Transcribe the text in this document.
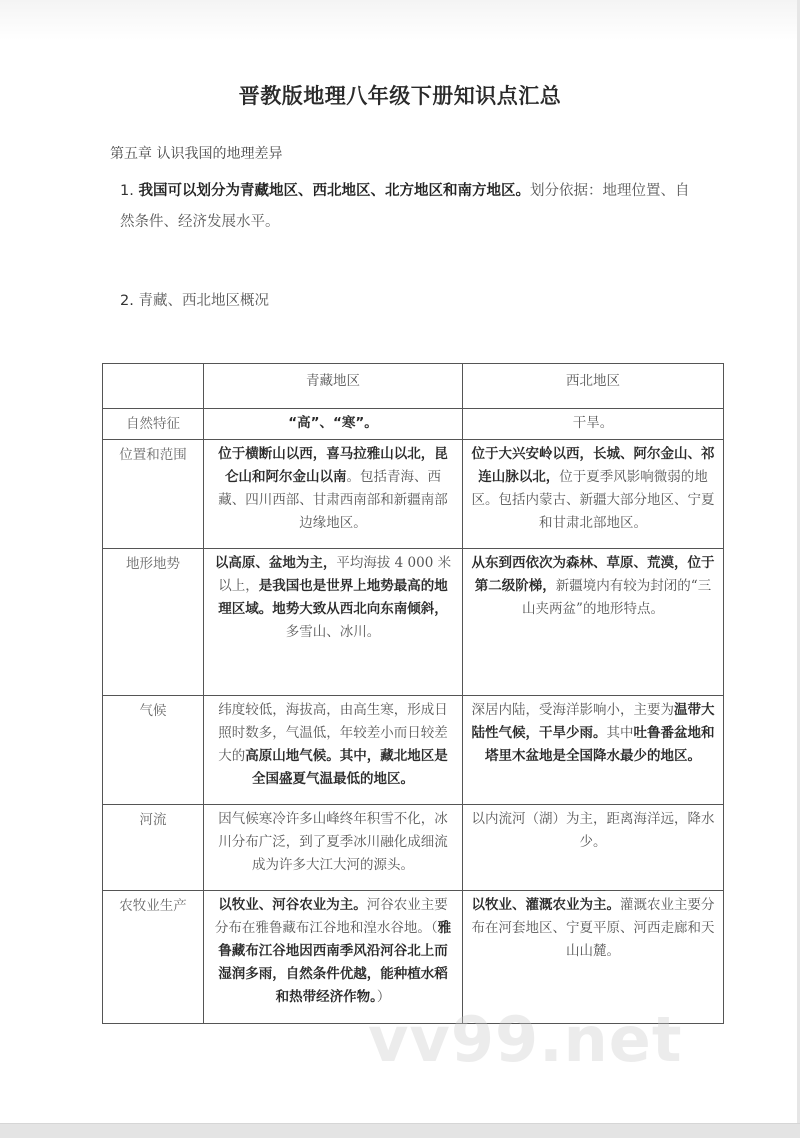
晋教版地理八年级下册知识点汇总
第五章 认识我国的地理差异
1. 我国可以划分为青藏地区、西北地区、北方地区和南方地区。划分依据：地理位置、自然条件、经济发展水平。
2. 青藏、西北地区概况
	青藏地区	西北地区
自然特征	“高”、“寒”。	干旱。
位置和范围	位于横断山以西，喜马拉雅山以北，昆仑山和阿尔金山以南。包括青海、西藏、四川西部、甘肃西南部和新疆南部边缘地区。	位于大兴安岭以西，长城、阿尔金山、祁连山脉以北，位于夏季风影响微弱的地区。包括内蒙古、新疆大部分地区、宁夏和甘肃北部地区。
地形地势	以高原、盆地为主，平均海拔 4 000 米以上，是我国也是世界上地势最高的地理区域。地势大致从西北向东南倾斜，多雪山、冰川。	从东到西依次为森林、草原、荒漠，位于第二级阶梯，新疆境内有较为封闭的“三山夹两盆”的地形特点。
气候	纬度较低，海拔高，由高生寒，形成日照时数多，气温低，年较差小而日较差大的高原山地气候。其中，藏北地区是全国盛夏气温最低的地区。	深居内陆，受海洋影响小，主要为温带大陆性气候，干旱少雨。其中吐鲁番盆地和塔里木盆地是全国降水最少的地区。
河流	因气候寒冷许多山峰终年积雪不化，冰川分布广泛，到了夏季冰川融化成细流成为许多大江大河的源头。	以内流河（湖）为主，距离海洋远，降水少。
农牧业生产	以牧业、河谷农业为主。河谷农业主要分布在雅鲁藏布江谷地和湟水谷地。（雅鲁藏布江谷地因西南季风沿河谷北上而湿润多雨，自然条件优越，能种植水稻和热带经济作物。）	以牧业、灌溉农业为主。灌溉农业主要分布在河套地区、宁夏平原、河西走廊和天山山麓。
vv99.net
